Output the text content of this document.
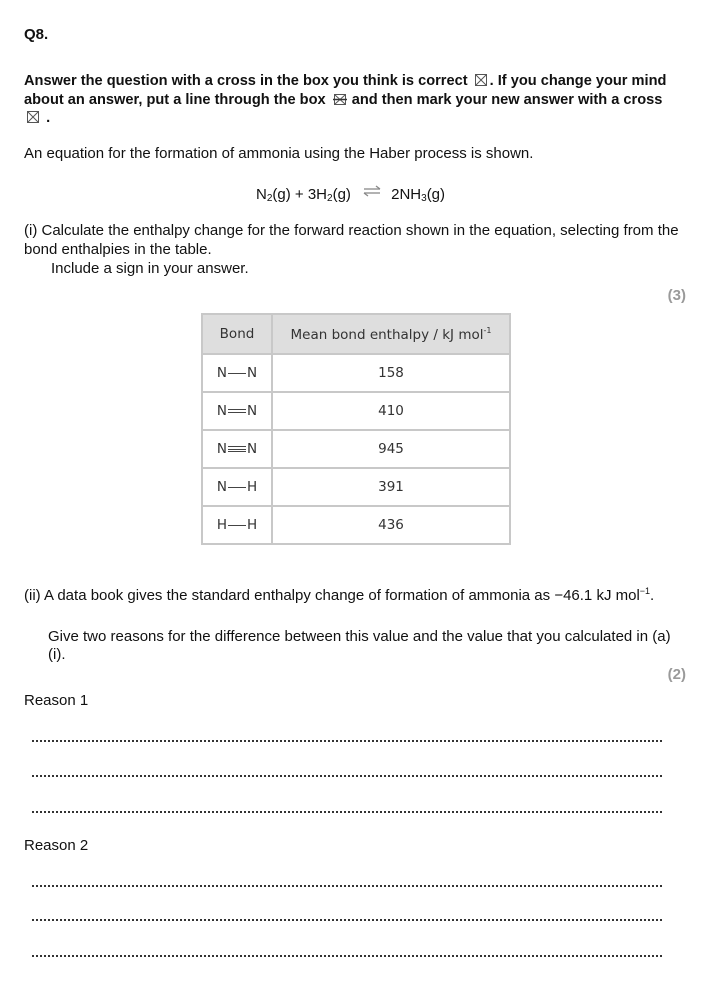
Q8.
Answer the question with a cross in the box you think is correct ☒ . If you change your mind about an answer, put a line through the box and then mark your new answer with a cross
.
An equation for the formation of ammonia using the Haber process is shown.
$N_2(g) + 3H_2(g)$ ⇌ $2NH_3(g)$
(i) Calculate the enthalpy change for the forward reaction shown in the equation, selecting from the bond enthalpies in the table.
Include a sign in your answer.
(3)
Bond	Mean bond enthalpy / kJ mol$^{-1}$

N N	158

N N	410

N N	945

N H	391

H H	436
(ii) A data book gives the standard enthalpy change of formation of ammonia as −46.1 kJ mol$^{-1}$.
Give two reasons for the difference between this value and the value that you calculated in (a)(i).
(2)
Reason 1
Reason 2
